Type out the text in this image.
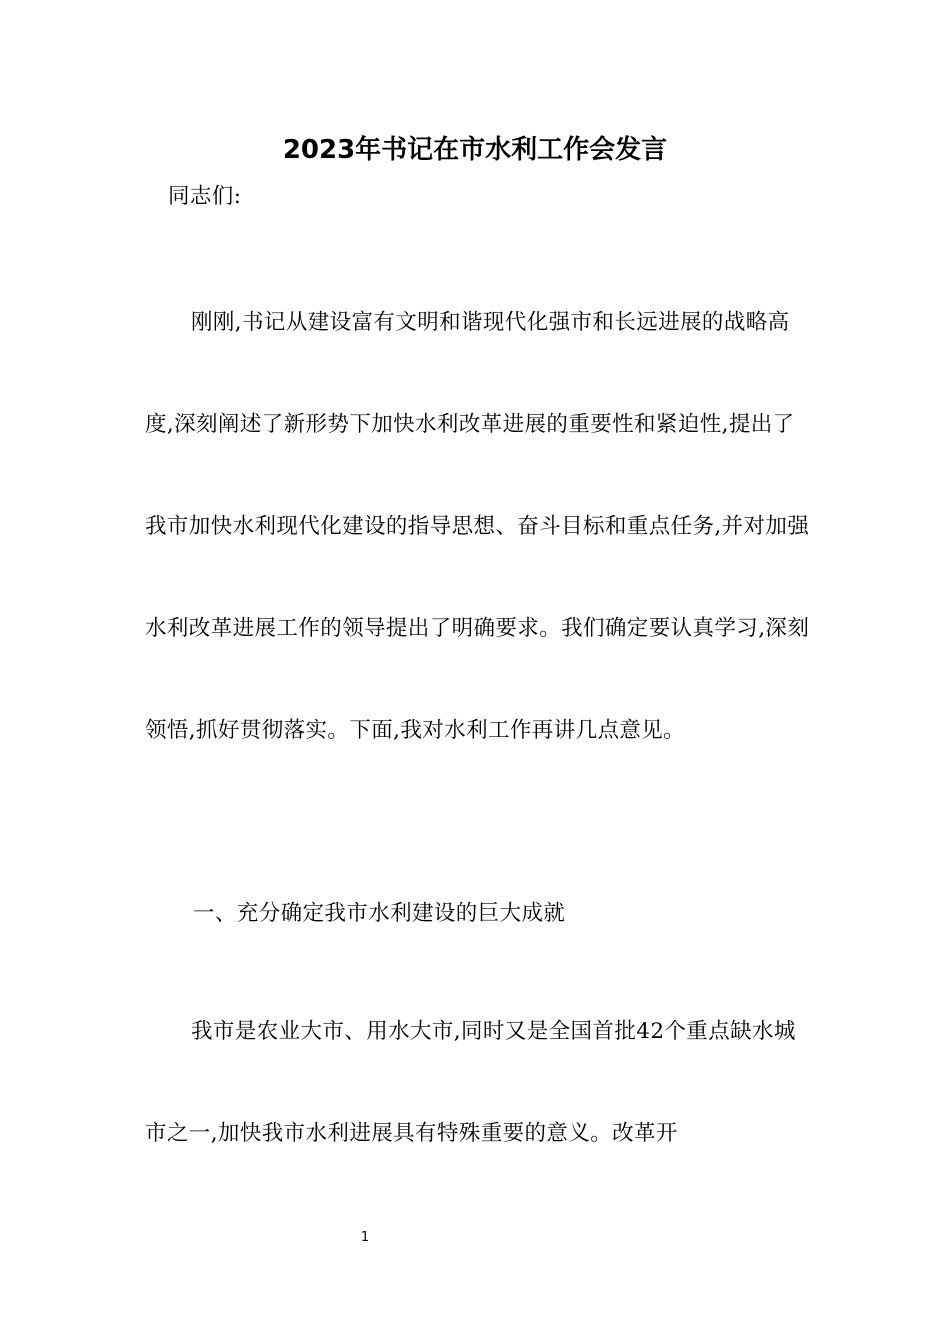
2023年书记在市水利工作会发言
同志们:
刚刚,书记从建设富有文明和谐现代化强市和长远进展的战略高度,深刻阐述了新形势下加快水利改革进展的重要性和紧迫性,提出了我市加快水利现代化建设的指导思想、奋斗目标和重点任务,并对加强水利改革进展工作的领导提出了明确要求。我们确定要认真学习,深刻领悟,抓好贯彻落实。下面,我对水利工作再讲几点意见。
一、充分确定我市水利建设的巨大成就
我市是农业大市、用水大市,同时又是全国首批42个重点缺水城市之一,加快我市水利进展具有特殊重要的意义。改革开
1
